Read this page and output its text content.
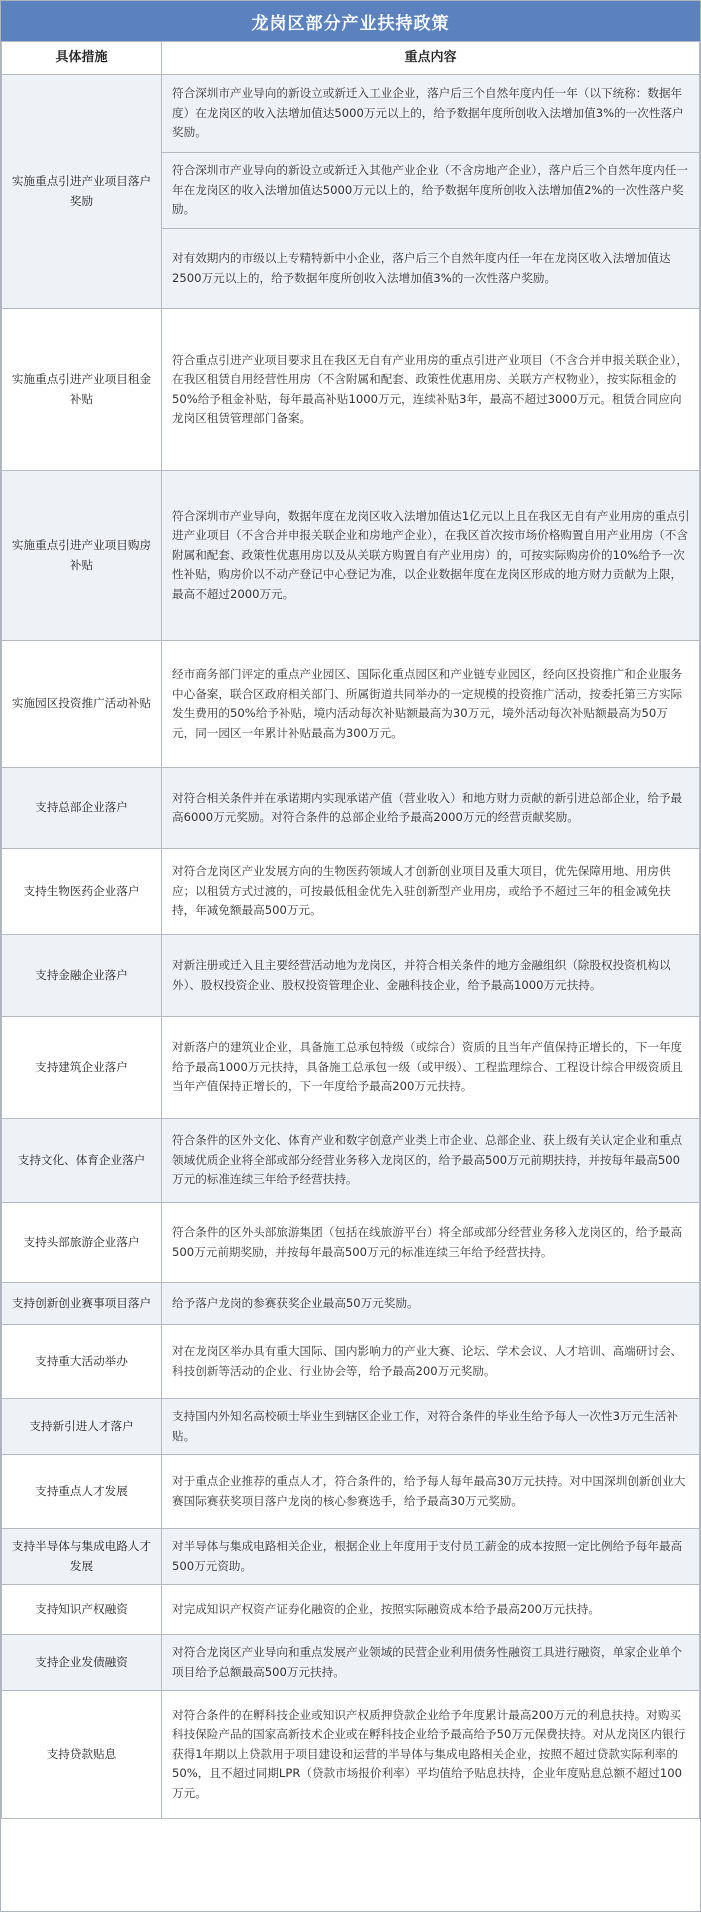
龙岗区部分产业扶持政策
具体措施	重点内容
实施重点引进产业项目落户奖励	符合深圳市产业导向的新设立或新迁入工业企业，落户后三个自然年度内任一年（以下统称：数据年度）在龙岗区的收入法增加值达5000万元以上的，给予数据年度所创收入法增加值3%的一次性落户奖励。
	符合深圳市产业导向的新设立或新迁入其他产业企业（不含房地产企业），落户后三个自然年度内任一年在龙岗区的收入法增加值达5000万元以上的，给予数据年度所创收入法增加值2%的一次性落户奖励。
	对有效期内的市级以上专精特新中小企业，落户后三个自然年度内任一年在龙岗区收入法增加值达2500万元以上的，给予数据年度所创收入法增加值3%的一次性落户奖励。
实施重点引进产业项目租金补贴	符合重点引进产业项目要求且在我区无自有产业用房的重点引进产业项目（不含合并申报关联企业），在我区租赁自用经营性用房（不含附属和配套、政策性优惠用房、关联方产权物业），按实际租金的50%给予租金补贴，每年最高补贴1000万元，连续补贴3年，最高不超过3000万元。租赁合同应向龙岗区租赁管理部门备案。
实施重点引进产业项目购房补贴	符合深圳市产业导向，数据年度在龙岗区收入法增加值达1亿元以上且在我区无自有产业用房的重点引进产业项目（不含合并申报关联企业和房地产企业），在我区首次按市场价格购置自用产业用房（不含附属和配套、政策性优惠用房以及从关联方购置自有产业用房）的，可按实际购房价的10%给予一次性补贴，购房价以不动产登记中心登记为准，以企业数据年度在龙岗区形成的地方财力贡献为上限，最高不超过2000万元。
实施园区投资推广活动补贴	经市商务部门评定的重点产业园区、国际化重点园区和产业链专业园区，经向区投资推广和企业服务中心备案，联合区政府相关部门、所属街道共同举办的一定规模的投资推广活动，按委托第三方实际发生费用的50%给予补贴，境内活动每次补贴额最高为30万元，境外活动每次补贴额最高为50万元，同一园区一年累计补贴最高为300万元。
支持总部企业落户	对符合相关条件并在承诺期内实现承诺产值（营业收入）和地方财力贡献的新引进总部企业，给予最高6000万元奖励。对符合条件的总部企业给予最高2000万元的经营贡献奖励。
支持生物医药企业落户	对符合龙岗区产业发展方向的生物医药领域人才创新创业项目及重大项目，优先保障用地、用房供应；以租赁方式过渡的，可按最低租金优先入驻创新型产业用房，或给予不超过三年的租金减免扶持，年减免额最高500万元。
支持金融企业落户	对新注册或迁入且主要经营活动地为龙岗区，并符合相关条件的地方金融组织（除股权投资机构以外）、股权投资企业、股权投资管理企业、金融科技企业，给予最高1000万元扶持。
支持建筑企业落户	对新落户的建筑业企业，具备施工总承包特级（或综合）资质的且当年产值保持正增长的，下一年度给予最高1000万元扶持，具备施工总承包一级（或甲级）、工程监理综合、工程设计综合甲级资质且当年产值保持正增长的，下一年度给予最高200万元扶持。
支持文化、体育企业落户	符合条件的区外文化、体育产业和数字创意产业类上市企业、总部企业、获上级有关认定企业和重点领域优质企业将全部或部分经营业务移入龙岗区的，给予最高500万元前期扶持，并按每年最高500万元的标准连续三年给予经营扶持。
支持头部旅游企业落户	符合条件的区外头部旅游集团（包括在线旅游平台）将全部或部分经营业务移入龙岗区的，给予最高500万元前期奖励，并按每年最高500万元的标准连续三年给予经营扶持。
支持创新创业赛事项目落户	给予落户龙岗的参赛获奖企业最高50万元奖励。
支持重大活动举办	对在龙岗区举办具有重大国际、国内影响力的产业大赛、论坛、学术会议、人才培训、高端研讨会、科技创新等活动的企业、行业协会等，给予最高200万元奖励。
支持新引进人才落户	支持国内外知名高校硕士毕业生到辖区企业工作，对符合条件的毕业生给予每人一次性3万元生活补贴。
支持重点人才发展	对于重点企业推荐的重点人才，符合条件的，给予每人每年最高30万元扶持。对中国深圳创新创业大赛国际赛获奖项目落户龙岗的核心参赛选手，给予最高30万元奖励。
支持半导体与集成电路人才发展	对半导体与集成电路相关企业，根据企业上年度用于支付员工薪金的成本按照一定比例给予每年最高500万元资助。
支持知识产权融资	对完成知识产权资产证券化融资的企业，按照实际融资成本给予最高200万元扶持。
支持企业发债融资	对符合龙岗区产业导向和重点发展产业领域的民营企业利用债务性融资工具进行融资，单家企业单个项目给予总额最高500万元扶持。
支持贷款贴息	对符合条件的在孵科技企业或知识产权质押贷款企业给予年度累计最高200万元的利息扶持。对购买科技保险产品的国家高新技术企业或在孵科技企业给予最高给予50万元保费扶持。对从龙岗区内银行获得1年期以上贷款用于项目建设和运营的半导体与集成电路相关企业，按照不超过贷款实际利率的50%，且不超过同期LPR（贷款市场报价利率）平均值给予贴息扶持，企业年度贴息总额不超过100万元。
